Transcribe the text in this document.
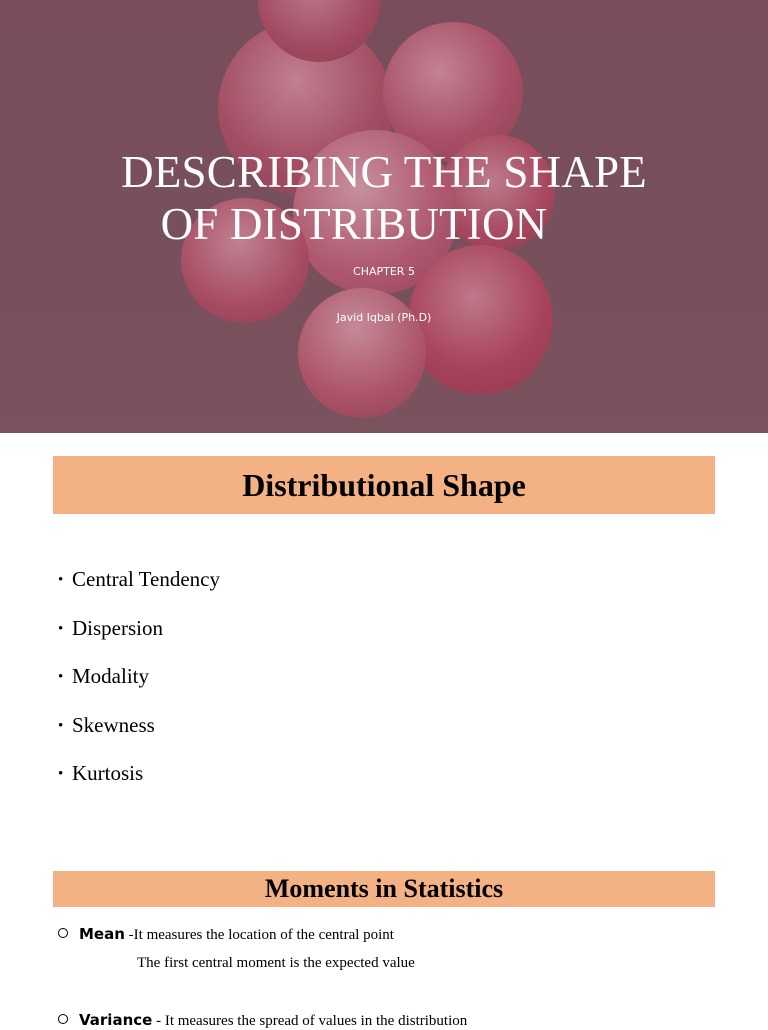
DESCRIBING THE SHAPE

OF DISTRIBUTION
CHAPTER 5
Javid Iqbal (Ph.D)
Distributional Shape
• Central Tendency
• Dispersion
• Modality
• Skewness
• Kurtosis
Moments in Statistics
Mean -It measures the location of the central point
The first central moment is the expected value
Variance - It measures the spread of values in the distribution
